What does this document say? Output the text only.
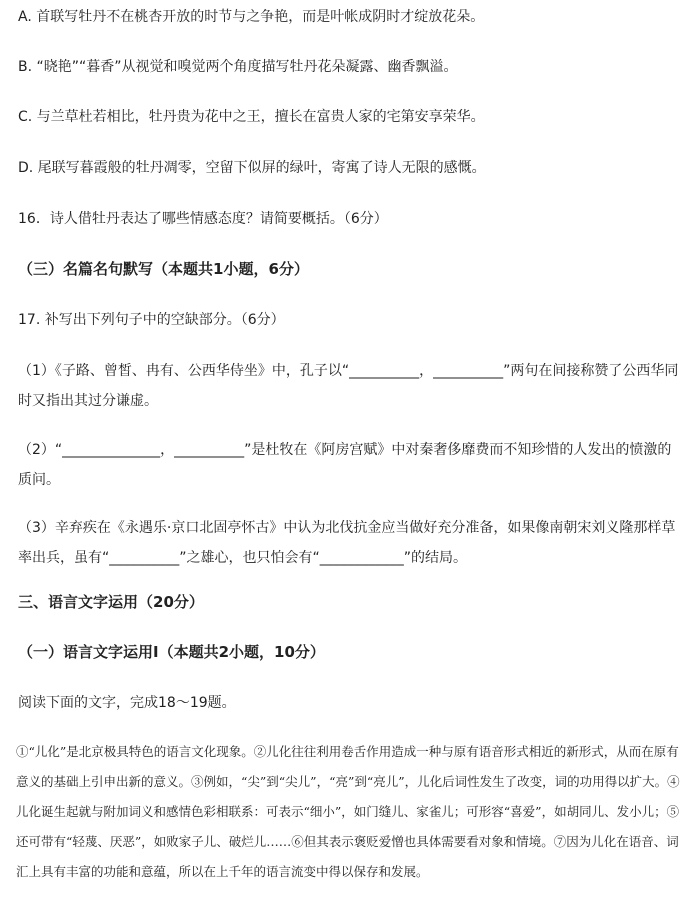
A. 首联写牡丹不在桃杏开放的时节与之争艳，而是叶帐成阴时才绽放花朵。
B. “晓艳”“暮香”从视觉和嗅觉两个角度描写牡丹花朵凝露、幽香飘溢。
C. 与兰草杜若相比，牡丹贵为花中之王，擅长在富贵人家的宅第安享荣华。
D. 尾联写暮霞般的牡丹凋零，空留下似屏的绿叶，寄寓了诗人无限的感慨。
16．诗人借牡丹表达了哪些情感态度？请简要概括。（6分）
（三）名篇名句默写（本题共1小题，6分）
17. 补写出下列句子中的空缺部分。（6分）
（1）《子路、曾皙、冉有、公西华侍坐》中，孔子以“__________，__________”两句在间接称赞了公西华同时又指出其过分谦虚。
（2）“______________，__________”是杜牧在《阿房宫赋》中对秦奢侈靡费而不知珍惜的人发出的愤激的质问。
（3）辛弃疾在《永遇乐·京口北固亭怀古》中认为北伐抗金应当做好充分准备，如果像南朝宋刘义隆那样草率出兵，虽有“__________”之雄心，也只怕会有“____________”的结局。
三、语言文字运用（20分）
（一）语言文字运用Ⅰ（本题共2小题，10分）
阅读下面的文字，完成18～19题。
①“儿化”是北京极具特色的语言文化现象。②儿化往往利用卷舌作用造成一种与原有语音形式相近的新形式，从而在原有意义的基础上引申出新的意义。③例如，“尖”到“尖儿”，“亮”到“亮儿”，儿化后词性发生了改变，词的功用得以扩大。④儿化诞生起就与附加词义和感情色彩相联系：可表示“细小”，如门缝儿、家雀儿；可形容“喜爱”，如胡同儿、发小儿；⑤还可带有“轻蔑、厌恶”，如败家子儿、破烂儿……⑥但其表示褒贬爱憎也具体需要看对象和情境。⑦因为儿化在语音、词汇上具有丰富的功能和意蕴，所以在上千年的语言流变中得以保存和发展。
